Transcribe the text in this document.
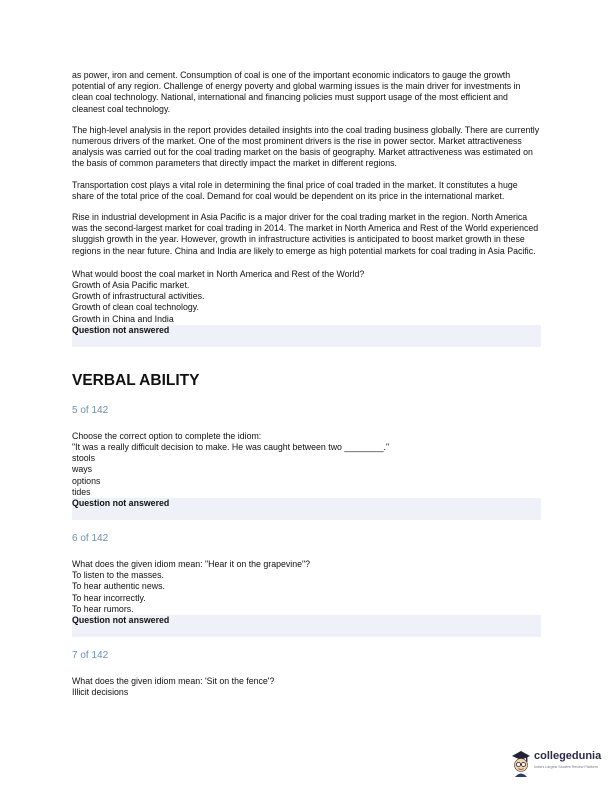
as power, iron and cement. Consumption of coal is one of the important economic indicators to gauge the growth potential of any region. Challenge of energy poverty and global warming issues is the main driver for investments in clean coal technology. National, international and financing policies must support usage of the most efficient and cleanest coal technology.

The high-level analysis in the report provides detailed insights into the coal trading business globally. There are currently numerous drivers of the market. One of the most prominent drivers is the rise in power sector. Market attractiveness analysis was carried out for the coal trading market on the basis of geography. Market attractiveness was estimated on the basis of common parameters that directly impact the market in different regions.

Transportation cost plays a vital role in determining the final price of coal traded in the market. It constitutes a huge share of the total price of the coal. Demand for coal would be dependent on its price in the international market.

Rise in industrial development in Asia Pacific is a major driver for the coal trading market in the region. North America was the second-largest market for coal trading in 2014. The market in North America and Rest of the World experienced sluggish growth in the year. However, growth in infrastructure activities is anticipated to boost market growth in these regions in the near future. China and India are likely to emerge as high potential markets for coal trading in Asia Pacific.

What would boost the coal market in North America and Rest of the World?

Growth of Asia Pacific market.
Growth of infrastructural activities.
Growth of clean coal technology.
Growth in China and India
Question not answered
VERBAL ABILITY

5 of 142

Choose the correct option to complete the idiom:

"It was a really difficult decision to make. He was caught between two ________."

stools
ways
options
tides
Question not answered

6 of 142

What does the given idiom mean: "Hear it on the grapevine"?

To listen to the masses.
To hear authentic news.
To hear incorrectly.
To hear rumors.
Question not answered

7 of 142

What does the given idiom mean: 'Sit on the fence'?

Illicit decisions
collegedunia
India's Largest Student Review Platform
